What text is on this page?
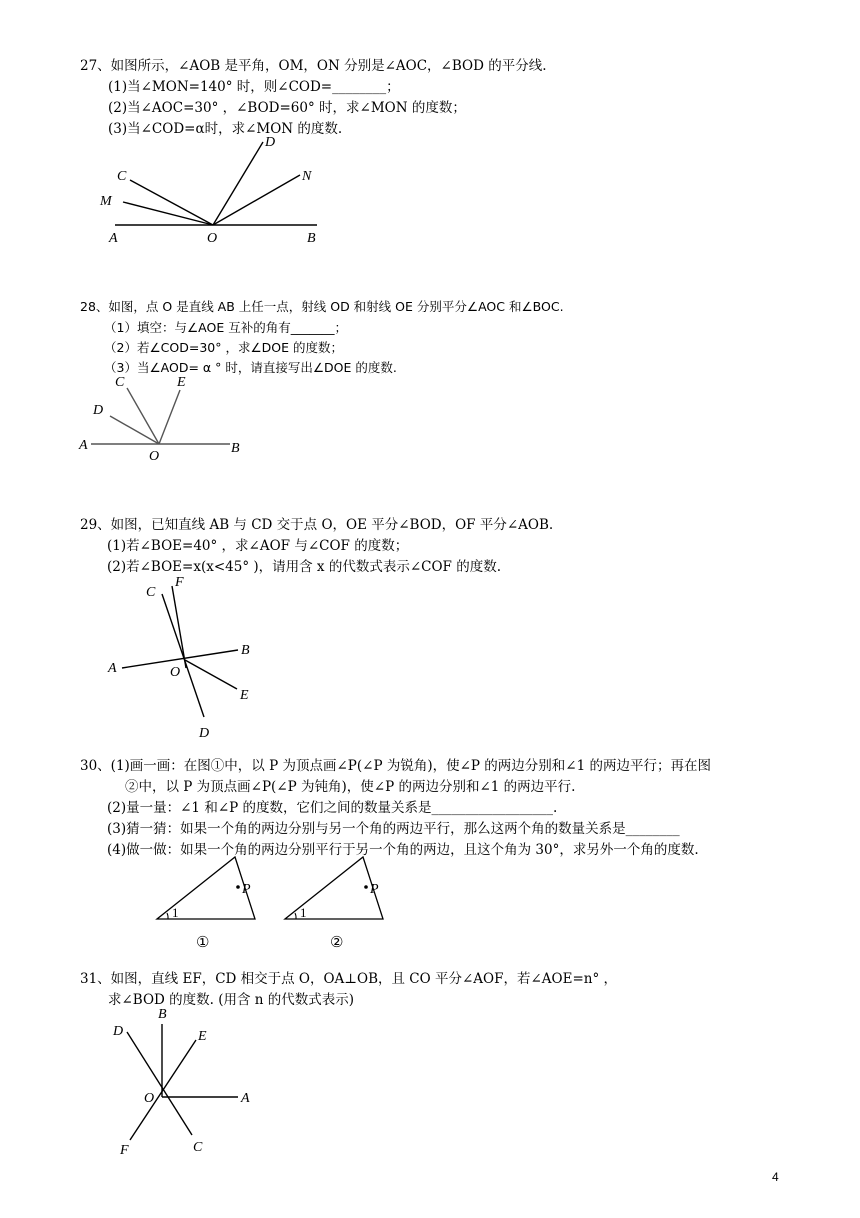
27、如图所示，∠AOB 是平角，OM，ON 分别是∠AOC，∠BOD 的平分线.
(1)当∠MON=140° 时，则∠COD=________；
(2)当∠AOC=30° ，∠BOD=60° 时，求∠MON 的度数；
(3)当∠COD=α时，求∠MON 的度数.
A	O	B
C
M
D
N
28、如图，点 O 是直线 AB 上任一点，射线 OD 和射线 OE 分别平分∠AOC 和∠BOC.
（1）填空：与∠AOE 互补的角有_______；
（2）若∠COD=30° ，求∠DOE 的度数；
（3）当∠AOD= α ° 时，请直接写出∠DOE 的度数.
A
O
B
C
D
E
29、如图，已知直线 AB 与 CD 交于点 O，OE 平分∠BOD，OF 平分∠AOB.
(1)若∠BOE=40° ，求∠AOF 与∠COF 的度数；
(2)若∠BOE=x(x<45° )，请用含 x 的代数式表示∠COF 的度数.
A	O
B
C
F
E
D
30、(1)画一画：在图①中，以 P 为顶点画∠P(∠P 为锐角)，使∠P 的两边分别和∠1 的两边平行；再在图
②中，以 P 为顶点画∠P(∠P 为钝角)，使∠P 的两边分别和∠1 的两边平行.
(2)量一量：∠1 和∠P 的度数，它们之间的数量关系是__________________.
(3)猜一猜：如果一个角的两边分别与另一个角的两边平行，那么这两个角的数量关系是________
(4)做一做：如果一个角的两边分别平行于另一个角的两边，且这个角为 30°，求另外一个角的度数.
1
P
①
1
P
②
31、如图，直线 EF，CD 相交于点 O，OA⊥OB，且 CO 平分∠AOF，若∠AOE=n° ，
求∠BOD 的度数. (用含 n 的代数式表示)
B
D	E
O	A
F	C
4
